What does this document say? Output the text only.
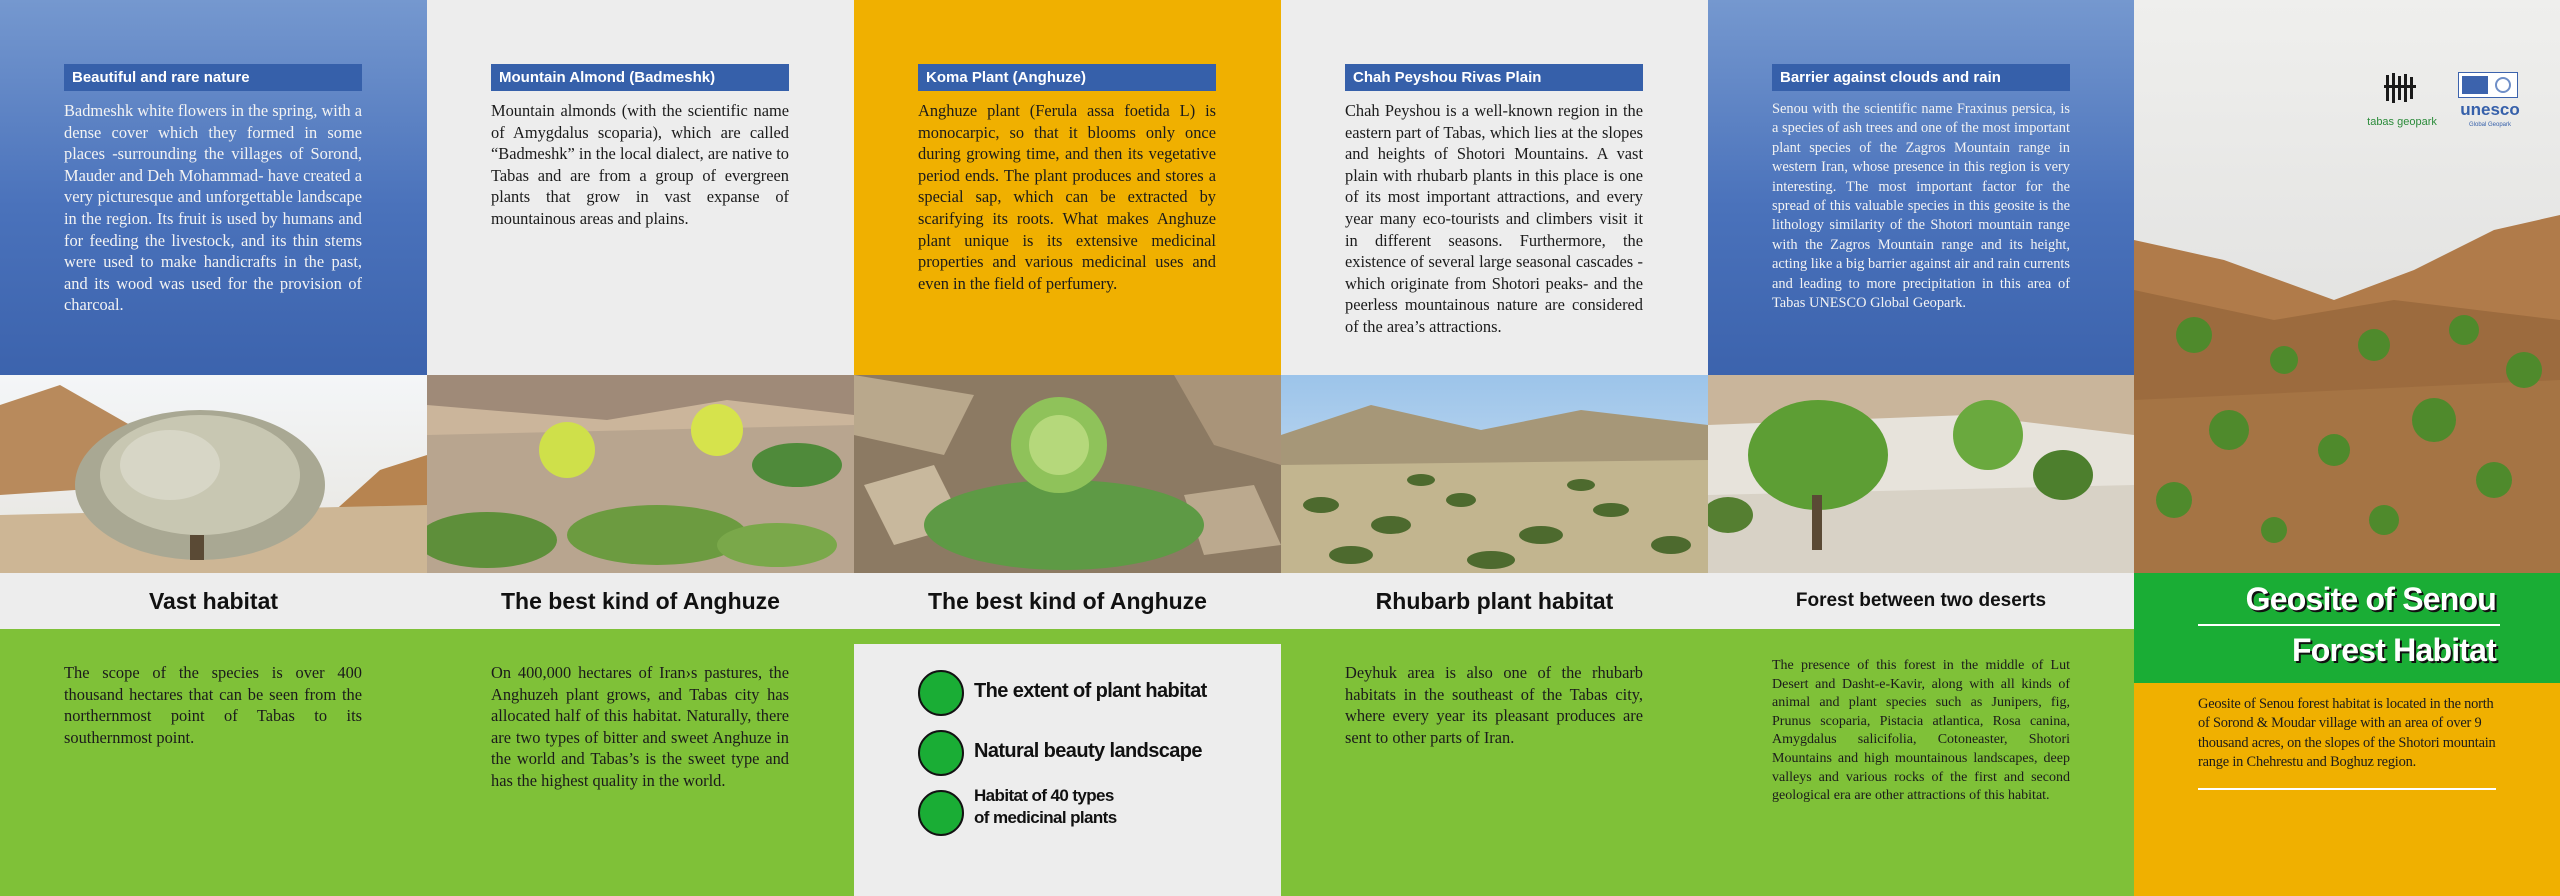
Beautiful and rare nature

Badmeshk white flowers in the spring, with a dense cover which they formed in some places -surrounding the villages of Sorond, Mauder and Deh Mohammad- have created a very picturesque and unforgettable landscape in the region. Its fruit is used by humans and for feeding the livestock, and its thin stems were used to make handicrafts in the past, and its wood was used for the provision of charcoal.

Vast habitat

The scope of the species is over 400 thousand hectares that can be seen from the northernmost point of Tabas to its southernmost point.

Mountain Almond (Badmeshk)

Mountain almonds (with the scientific name of Amygdalus scoparia), which are called “Badmeshk” in the local dialect, are native to Tabas and are from a group of evergreen plants that grow in vast expanse of mountainous areas and plains.

The best kind of Anghuze

On 400,000 hectares of Iran›s pastures, the Anghuzeh plant grows, and Tabas city has allocated half of this habitat. Naturally, there are two types of bitter and sweet Anghuze in the world and Tabas’s is the sweet type and has the highest quality in the world.

Koma Plant (Anghuze)

Anghuze plant (Ferula assa foetida L) is monocarpic, so that it blooms only once during growing time, and then its vegetative period ends. The plant produces and stores a special sap, which can be extracted by scarifying its roots. What makes Anghuze plant unique is its extensive medicinal properties and various medicinal uses and even in the field of perfumery.

The best kind of Anghuze
The extent of plant habitat
Natural beauty landscape
Habitat of 40 types
of medicinal plants
Chah Peyshou Rivas Plain

Chah Peyshou is a well-known region in the eastern part of Tabas, which lies at the slopes and heights of Shotori Mountains. A vast plain with rhubarb plants in this place is one of its most important attractions, and every year many eco-tourists and climbers visit it in different seasons. Furthermore, the existence of several large seasonal cascades -which originate from Shotori peaks- and the peerless mountainous nature are considered of the area’s attractions.

Rhubarb plant habitat

Deyhuk area is also one of the rhubarb habitats in the southeast of the Tabas city, where every year its pleasant produces are sent to other parts of Iran.

Barrier against clouds and rain

Senou with the scientific name Fraxinus persica, is a species of ash trees and one of the most important plant species of the Zagros Mountain range in western Iran, whose presence in this region is very interesting. The most important factor for the spread of this valuable species in this geosite is the lithology similarity of the Shotori mountain range with the Zagros Mountain range and its height, acting like a big barrier against air and rain currents and leading to more precipitation in this area of Tabas UNESCO Global Geopark.

Forest between two deserts

The presence of this forest in the middle of Lut Desert and Dasht-e-Kavir, along with all kinds of animal and plant species such as Junipers, fig, Prunus scoparia, Pistacia atlantica, Rosa canina, Amygdalus salicifolia, Cotoneaster, Shotori Mountains and high mountainous landscapes, deep valleys and various rocks of the first and second geological era are other attractions of this habitat.

tabas geopark
unesco
Global Geopark
Geosite of Senou
Forest Habitat

Geosite of Senou forest habitat is located in the north of Sorond & Moudar village with an area of over 9 thousand acres, on the slopes of the Shotori mountain range in Chehrestu and Boghuz region.
